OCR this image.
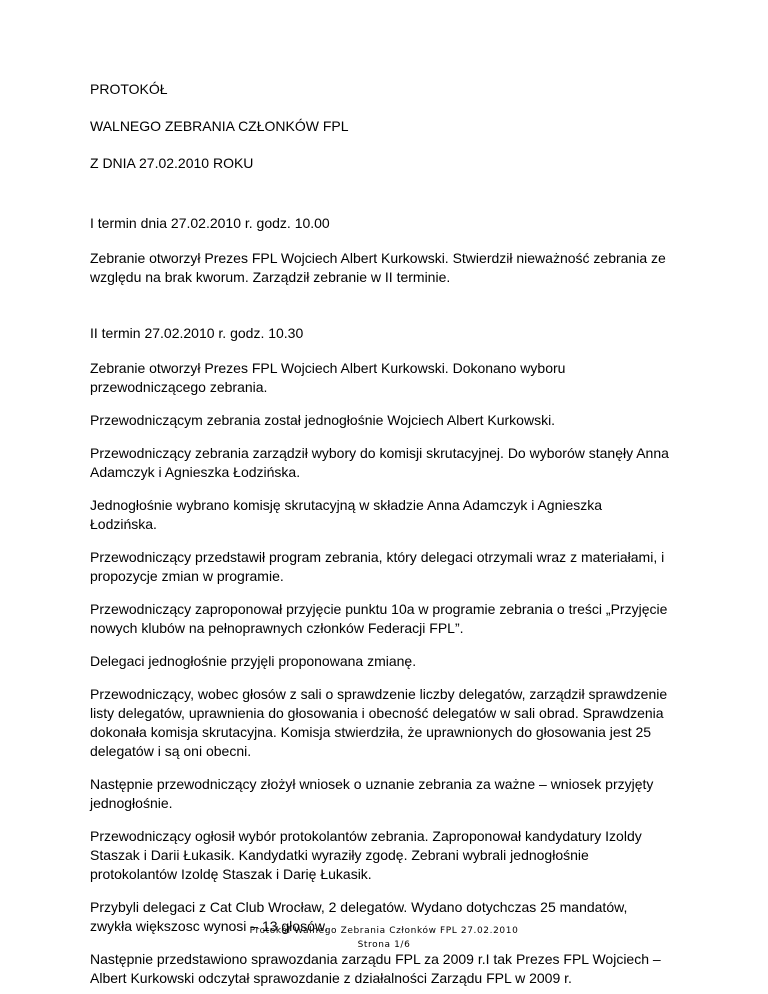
PROTOKÓŁ

WALNEGO ZEBRANIA CZŁONKÓW FPL

Z DNIA 27.02.2010 ROKU

I termin dnia 27.02.2010 r. godz. 10.00

Zebranie otworzył Prezes FPL Wojciech Albert Kurkowski. Stwierdził nieważność zebrania ze względu na brak kworum. Zarządził zebranie w II terminie.

II termin 27.02.2010 r. godz. 10.30

Zebranie otworzył Prezes FPL Wojciech Albert Kurkowski. Dokonano wyboru przewodniczącego zebrania.

Przewodniczącym zebrania został jednogłośnie Wojciech Albert Kurkowski.

Przewodniczący zebrania zarządził wybory do komisji skrutacyjnej. Do wyborów stanęły Anna Adamczyk i Agnieszka Łodzińska.

Jednogłośnie wybrano komisję skrutacyjną w składzie Anna Adamczyk i Agnieszka Łodzińska.

Przewodniczący przedstawił program zebrania, który delegaci otrzymali wraz z materiałami, i propozycje zmian w programie.

Przewodniczący zaproponował przyjęcie punktu 10a w programie zebrania o treści „Przyjęcie nowych klubów na pełnoprawnych członków Federacji FPL”.

Delegaci jednogłośnie przyjęli proponowana zmianę.

Przewodniczący, wobec głosów z sali o sprawdzenie liczby delegatów, zarządził sprawdzenie listy delegatów, uprawnienia do głosowania i obecność delegatów w sali obrad. Sprawdzenia dokonała komisja skrutacyjna. Komisja stwierdziła, że uprawnionych do głosowania jest 25 delegatów i są oni obecni.

Następnie przewodniczący złożył wniosek o uznanie zebrania za ważne – wniosek przyjęty jednogłośnie.

Przewodniczący ogłosił wybór protokolantów zebrania. Zaproponował kandydatury Izoldy Staszak i Darii Łukasik. Kandydatki wyraziły zgodę. Zebrani wybrali jednogłośnie protokolantów Izoldę Staszak i Darię Łukasik.

Przybyli delegaci z Cat Club Wrocław, 2 delegatów. Wydano dotychczas 25 mandatów, zwykła większosc wynosi – 13 głosów.

Następnie przedstawiono sprawozdania zarządu FPL za 2009 r.I tak Prezes FPL Wojciech – Albert Kurkowski odczytał sprawozdanie z działalności Zarządu FPL w 2009 r.

Protokół Walnego Zebrania Członków FPL 27.02.2010
Strona 1/6
